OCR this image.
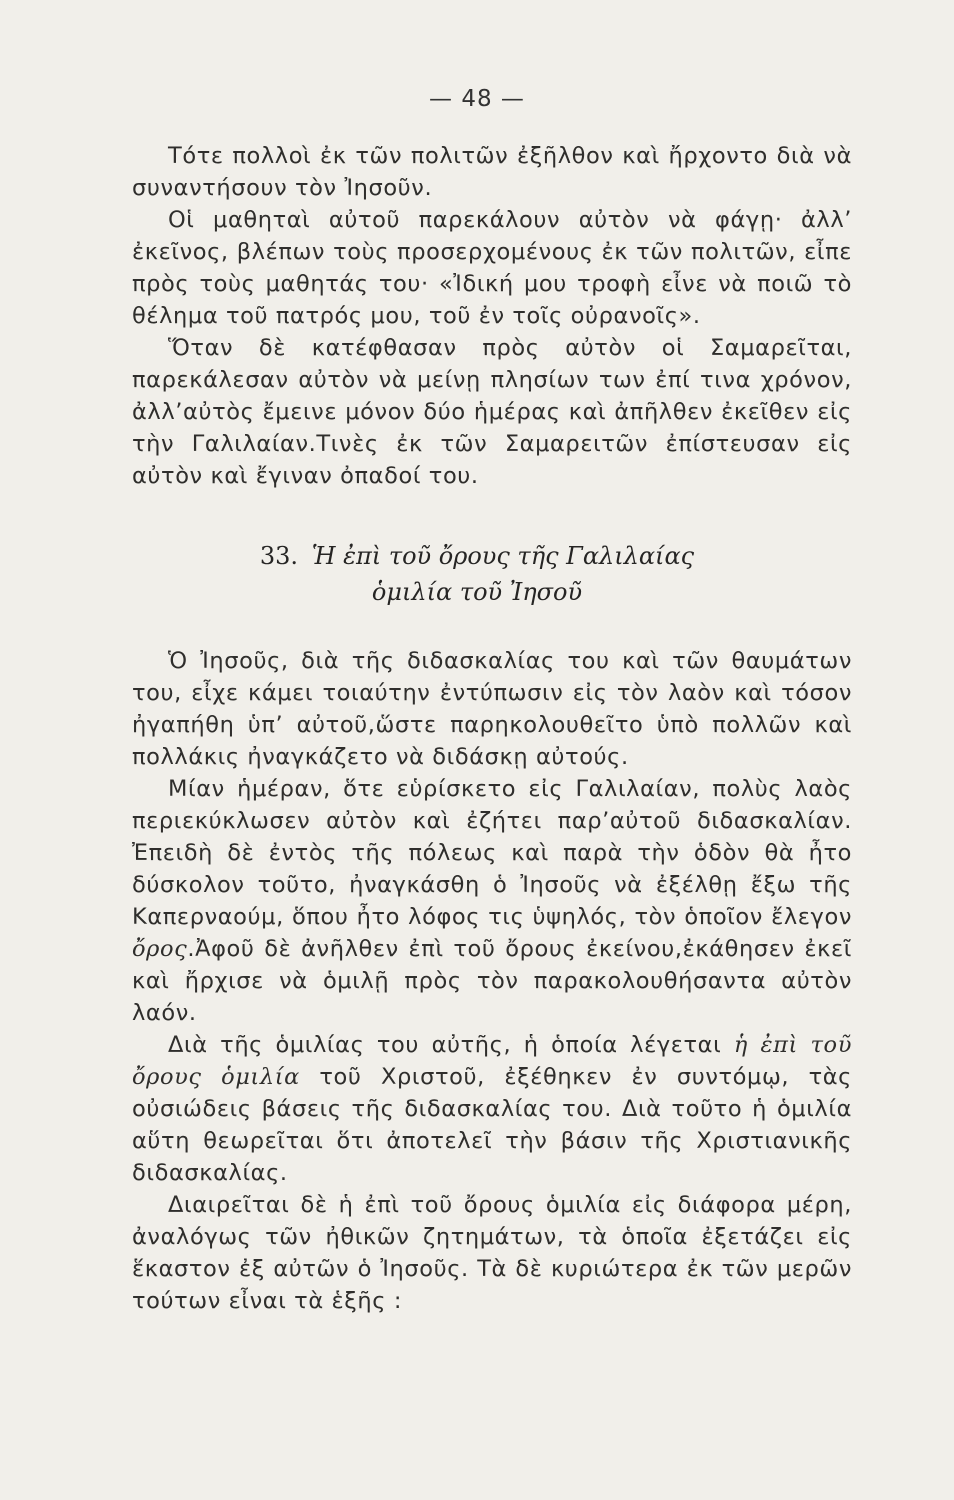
— 48 —

Τότε πολλοὶ ἐκ τῶν πολιτῶν ἐξῆλθον καὶ ἤρχοντο διὰ νὰ συναντήσουν τὸν Ἰησοῦν.

Οἱ μαθηταὶ αὐτοῦ παρεκάλουν αὐτὸν νὰ φάγῃ· ἀλλ’ ἐκεῖνος, βλέπων τοὺς προσερχομένους ἐκ τῶν πολιτῶν, εἶπε πρὸς τοὺς μαθητάς του· «Ἰδική μου τροφὴ εἶνε νὰ ποιῶ τὸ θέλημα τοῦ πατρός μου, τοῦ ἐν τοῖς οὐρανοῖς».

Ὅταν δὲ κατέφθασαν πρὸς αὐτὸν οἱ Σαμαρεῖται, παρεκάλεσαν αὐτὸν νὰ μείνῃ πλησίων των ἐπί τινα χρόνον, ἀλλ’αὐτὸς ἔμεινε μόνον δύο ἡμέρας καὶ ἀπῆλθεν ἐκεῖθεν εἰς τὴν Γαλιλαίαν.Τινὲς ἐκ τῶν Σαμαρειτῶν ἐπίστευσαν εἰς αὐτὸν καὶ ἔγιναν ὀπαδοί του.

33. Ἡ ἐπὶ τοῦ ὄρους τῆς Γαλιλαίας
ὁμιλία τοῦ Ἰησοῦ

Ὁ Ἰησοῦς, διὰ τῆς διδασκαλίας του καὶ τῶν θαυμάτων του, εἶχε κάμει τοιαύτην ἐντύπωσιν εἰς τὸν λαὸν καὶ τόσον ἠγαπήθη ὑπ’ αὐτοῦ,ὥστε παρηκολουθεῖτο ὑπὸ πολλῶν καὶ πολλάκις ἠναγκάζετο νὰ διδάσκῃ αὐτούς.

Μίαν ἡμέραν, ὅτε εὑρίσκετο εἰς Γαλιλαίαν, πολὺς λαὸς περιεκύκλωσεν αὐτὸν καὶ ἐζήτει παρ’αὐτοῦ διδασκαλίαν. Ἐπειδὴ δὲ ἐντὸς τῆς πόλεως καὶ παρὰ τὴν ὁδὸν θὰ ἦτο δύσκολον τοῦτο, ἠναγκάσθη ὁ Ἰησοῦς νὰ ἐξέλθῃ ἔξω τῆς Καπερναούμ, ὅπου ἦτο λόφος τις ὑψηλός, τὸν ὁποῖον ἔλεγον ὄρος.Ἀφοῦ δὲ ἀνῆλθεν ἐπὶ τοῦ ὄρους ἐκείνου,ἐκάθησεν ἐκεῖ καὶ ἤρχισε νὰ ὁμιλῇ πρὸς τὸν παρακολουθήσαντα αὐτὸν λαόν.

Διὰ τῆς ὁμιλίας του αὐτῆς, ἡ ὁποία λέγεται ἡ ἐπὶ τοῦ ὄρους ὁμιλία τοῦ Χριστοῦ, ἐξέθηκεν ἐν συντόμῳ, τὰς οὐσιώδεις βάσεις τῆς διδασκαλίας του. Διὰ τοῦτο ἡ ὁμιλία αὕτη θεωρεῖται ὅτι ἀποτελεῖ τὴν βάσιν τῆς Χριστιανικῆς διδασκαλίας.

Διαιρεῖται δὲ ἡ ἐπὶ τοῦ ὄρους ὁμιλία εἰς διάφορα μέρη, ἀναλόγως τῶν ἠθικῶν ζητημάτων, τὰ ὁποῖα ἐξετάζει εἰς ἕκαστον ἐξ αὐτῶν ὁ Ἰησοῦς. Τὰ δὲ κυριώτερα ἐκ τῶν μερῶν τούτων εἶναι τὰ ἑξῆς :
